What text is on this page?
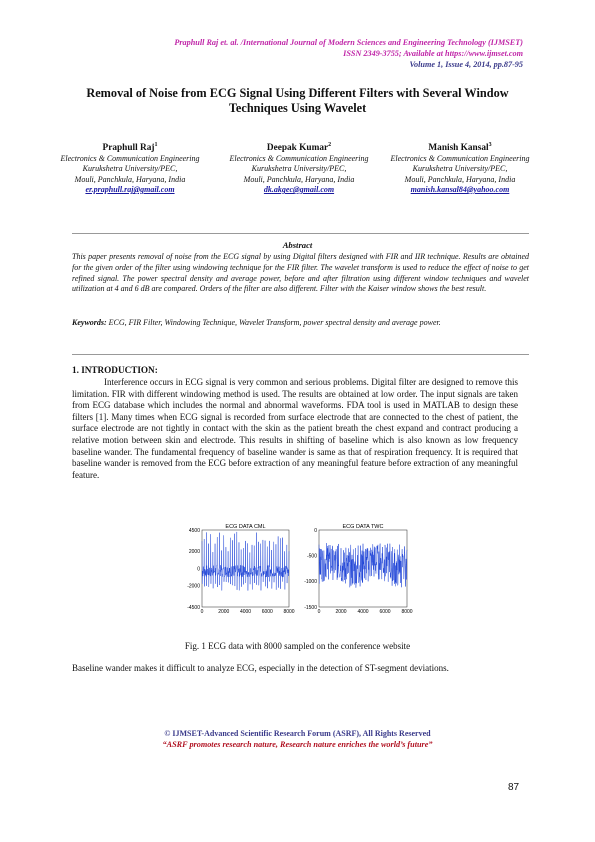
Praphull Raj et. al. /International Journal of Modern Sciences and Engineering Technology (IJMSET)
ISSN 2349-3755; Available at https://www.ijmset.com
Volume 1, Issue 4, 2014, pp.87-95
Removal of Noise from ECG Signal Using Different Filters with Several Window Techniques Using Wavelet
Praphull Raj$^1$
Electronics & Communication Engineering
Kurukshetra University/PEC,
Mouli, Panchkula, Haryana, India
er.praphull.raj@gmail.com
Deepak Kumar$^2$
Electronics & Communication Engineering
Kurukshetra University/PEC,
Mouli, Panchkula, Haryana, India
dk.akgec@gmail.com
Manish Kansal$^3$
Electronics & Communication Engineering
Kurukshetra University/PEC,
Mouli, Panchkula, Haryana, India
manish.kansal84@yahoo.com
Abstract
This paper presents removal of noise from the ECG signal by using Digital filters designed with FIR and IIR technique. Results are obtained for the given order of the filter using windowing technique for the FIR filter. The wavelet transform is used to reduce the effect of noise to get refined signal. The power spectral density and average power, before and after filtration using different window techniques and wavelet utilization at 4 and 6 dB are compared. Orders of the filter are also different. Filter with the Kaiser window shows the best result.
Keywords: ECG, FIR Filter, Windowing Technique, Wavelet Transform, power spectral density and average power.
1. INTRODUCTION:
Interference occurs in ECG signal is very common and serious problems. Digital filter are designed to remove this limitation. FIR with different windowing method is used. The results are obtained at low order. The input signals are taken from ECG database which includes the normal and abnormal waveforms. FDA tool is used in MATLAB to design these filters [1]. Many times when ECG signal is recorded from surface electrode that are connected to the chest of patient, the surface electrode are not tightly in contact with the skin as the patient breath the chest expand and contract producing a relative motion between skin and electrode. This results in shifting of baseline which is also known as low frequency baseline wander. The fundamental frequency of baseline wander is same as that of respiration frequency. It is required that baseline wander is removed from the ECG before extraction of any meaningful feature before extraction of any meaningful feature.
ECG DATA CML
4500
2000
0
-2000
-4500
0	2000 4000 6000 8000
ECG DATA TWC
0
-500
-1000
-1500
0	2000 4000 6000 8000
Fig. 1 ECG data with 8000 sampled on the conference website
Baseline wander makes it difficult to analyze ECG, especially in the detection of ST-segment deviations.
© IJMSET-Advanced Scientific Research Forum (ASRF), All Rights Reserved
“ASRF promotes research nature, Research nature enriches the world’s future”
87
